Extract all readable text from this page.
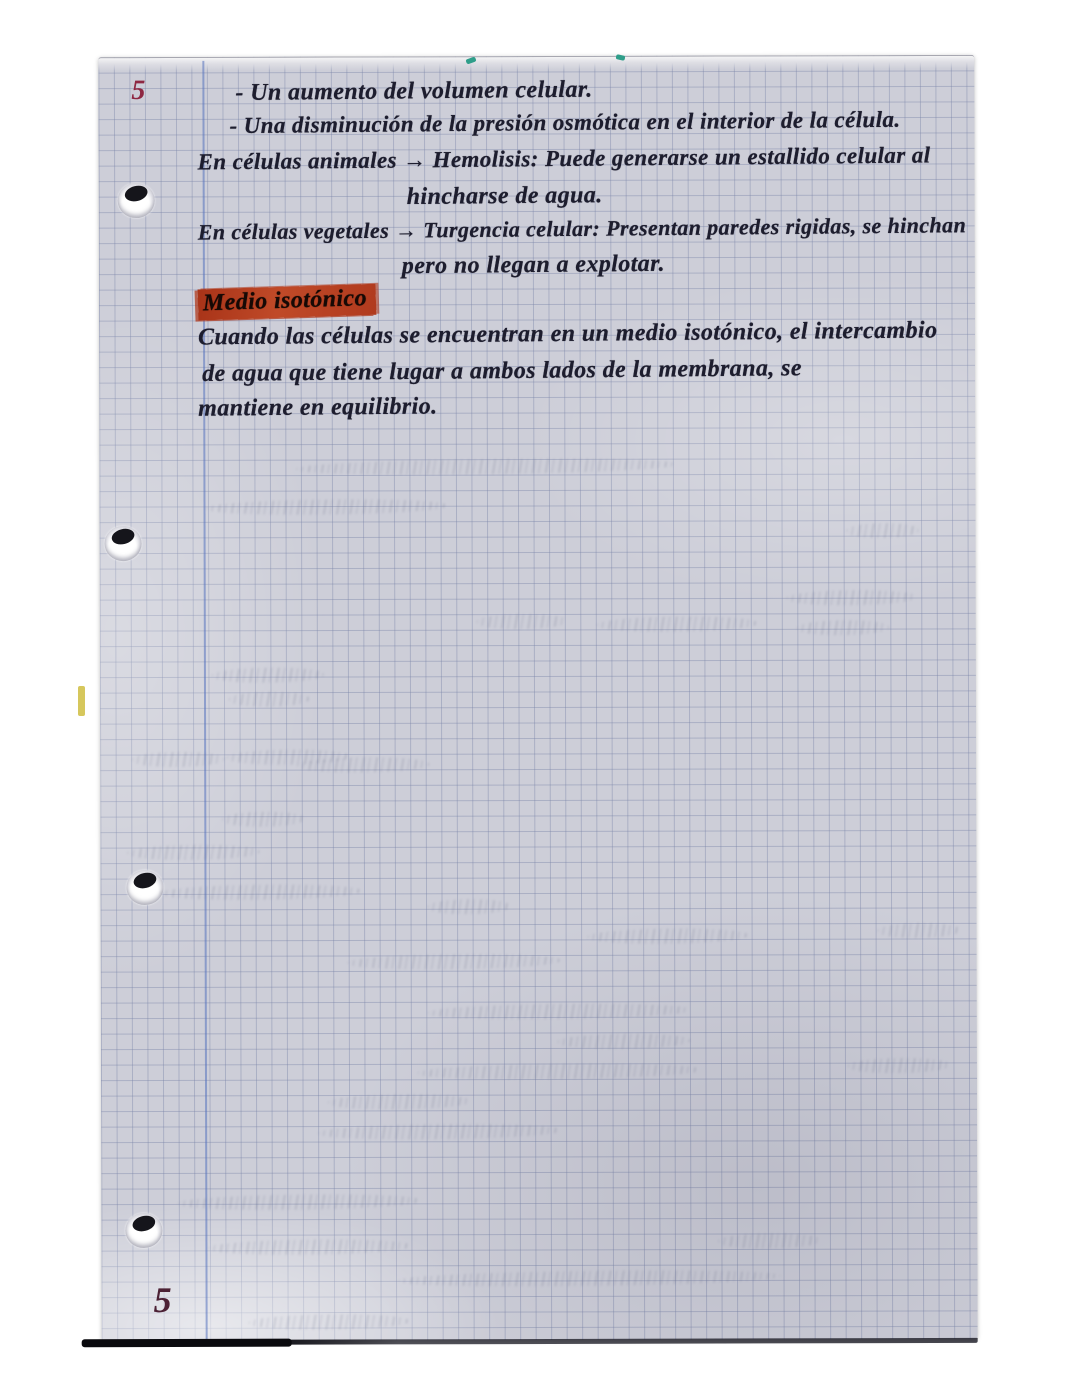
5
5
- Un aumento del volumen celular.
- Una disminución de la presión osmótica en el interior de la célula.
En células animales → Hemolisis: Puede generarse un estallido celular al
hincharse de agua.
En células vegetales → Turgencia celular: Presentan paredes rigidas, se hinchan
pero no llegan a explotar.
Medio isotónico
Cuando las células se encuentran en un medio isotónico, el intercambio
de agua que tiene lugar a ambos lados de la membrana, se
mantiene en equilibrio.
